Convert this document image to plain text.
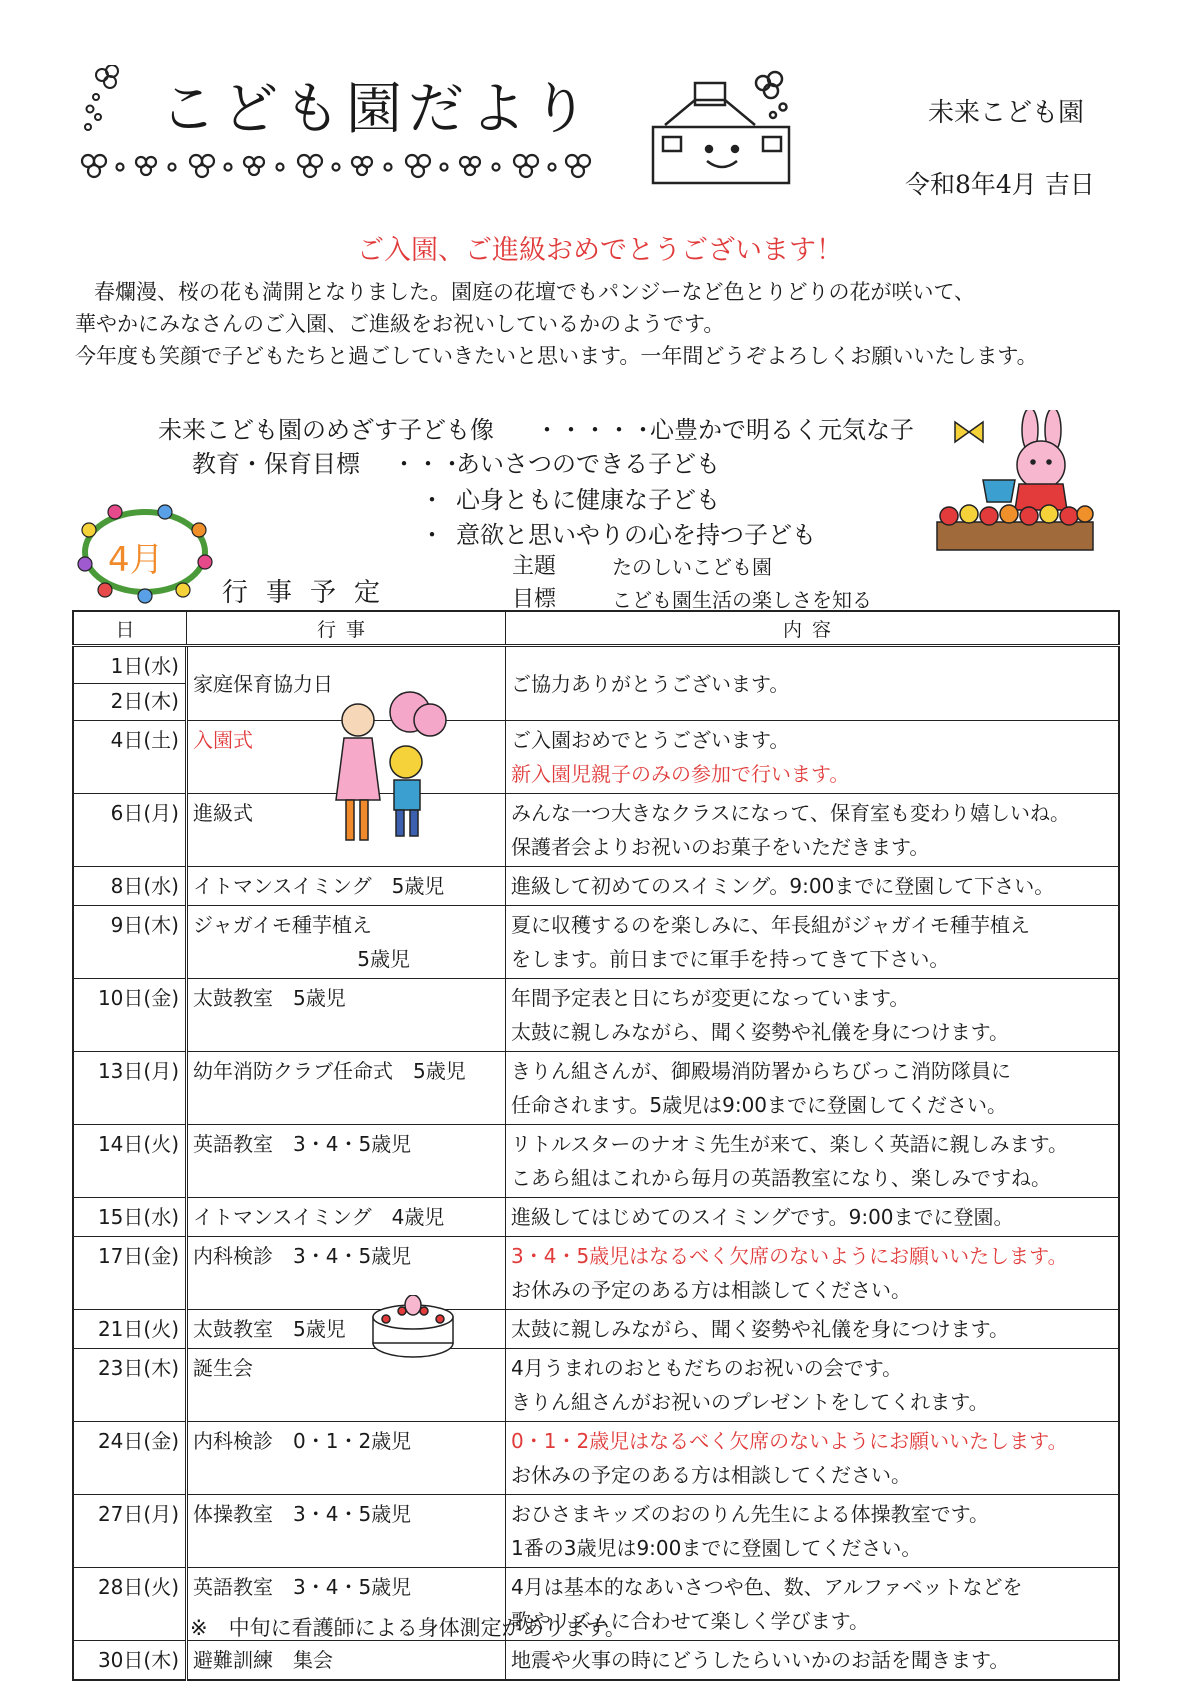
こども園だより	未来こども園
令和8年4月 吉日
ご入園、ご進級おめでとうございます！
春爛漫、桜の花も満開となりました。園庭の花壇でもパンジーなど色とりどりの花が咲いて、
華やかにみなさんのご入園、ご進級をお祝いしているかのようです。
今年度も笑顔で子どもたちと過ごしていきたいと思います。一年間どうぞよろしくお願いいたします。
未来こども園のめざす子ども像 ・・・・・
心豊かで明るく元気な子
教育・保育目標 ・・・
あいさつのできる子ども
・ 心身ともに健康な子ども
・ 意欲と思いやりの心を持つ子ども
主題	たのしいこども園
目標	こども園生活の楽しさを知る
4月
行事予定
日	行事	内容

1日(水)
2日(木)	家庭保育協力日	ご協力ありがとうございます。

4日(土)	入園式	ご入園おめでとうございます。
新入園児親子のみの参加で行います。

6日(月)	進級式	みんな一つ大きなクラスになって、保育室も変わり嬉しいね。
保護者会よりお祝いのお菓子をいただきます。

8日(水)	イトマンスイミング　5歳児	進級して初めてのスイミング。9:00までに登園して下さい。

9日(木)	ジャガイモ種芋植え
5歳児	夏に収穫するのを楽しみに、年長組がジャガイモ種芋植え
をします。前日までに軍手を持ってきて下さい。

10日(金)	太鼓教室　5歳児	年間予定表と日にちが変更になっています。
太鼓に親しみながら、聞く姿勢や礼儀を身につけます。

13日(月)	幼年消防クラブ任命式　5歳児	きりん組さんが、御殿場消防署からちびっこ消防隊員に
任命されます。5歳児は9:00までに登園してください。

14日(火)	英語教室　3・4・5歳児	リトルスターのナオミ先生が来て、楽しく英語に親しみます。
こあら組はこれから毎月の英語教室になり、楽しみですね。

15日(水)	イトマンスイミング　4歳児	進級してはじめてのスイミングです。9:00までに登園。

17日(金)	内科検診　3・4・5歳児	3・4・5歳児はなるべく欠席のないようにお願いいたします。
お休みの予定のある方は相談してください。

21日(火)	太鼓教室　5歳児	太鼓に親しみながら、聞く姿勢や礼儀を身につけます。

23日(木)	誕生会	4月うまれのおともだちのお祝いの会です。
きりん組さんがお祝いのプレゼントをしてくれます。

24日(金)	内科検診　0・1・2歳児	0・1・2歳児はなるべく欠席のないようにお願いいたします。
お休みの予定のある方は相談してください。

27日(月)	体操教室　3・4・5歳児	おひさまキッズのおのりん先生による体操教室です。
1番の3歳児は9:00までに登園してください。

28日(火)	英語教室　3・4・5歳児	4月は基本的なあいさつや色、数、アルファベットなどを
歌やリズムに合わせて楽しく学びます。

30日(木)	避難訓練　集会	地震や火事の時にどうしたらいいかのお話を聞きます。
※　中旬に看護師による身体測定があります。
